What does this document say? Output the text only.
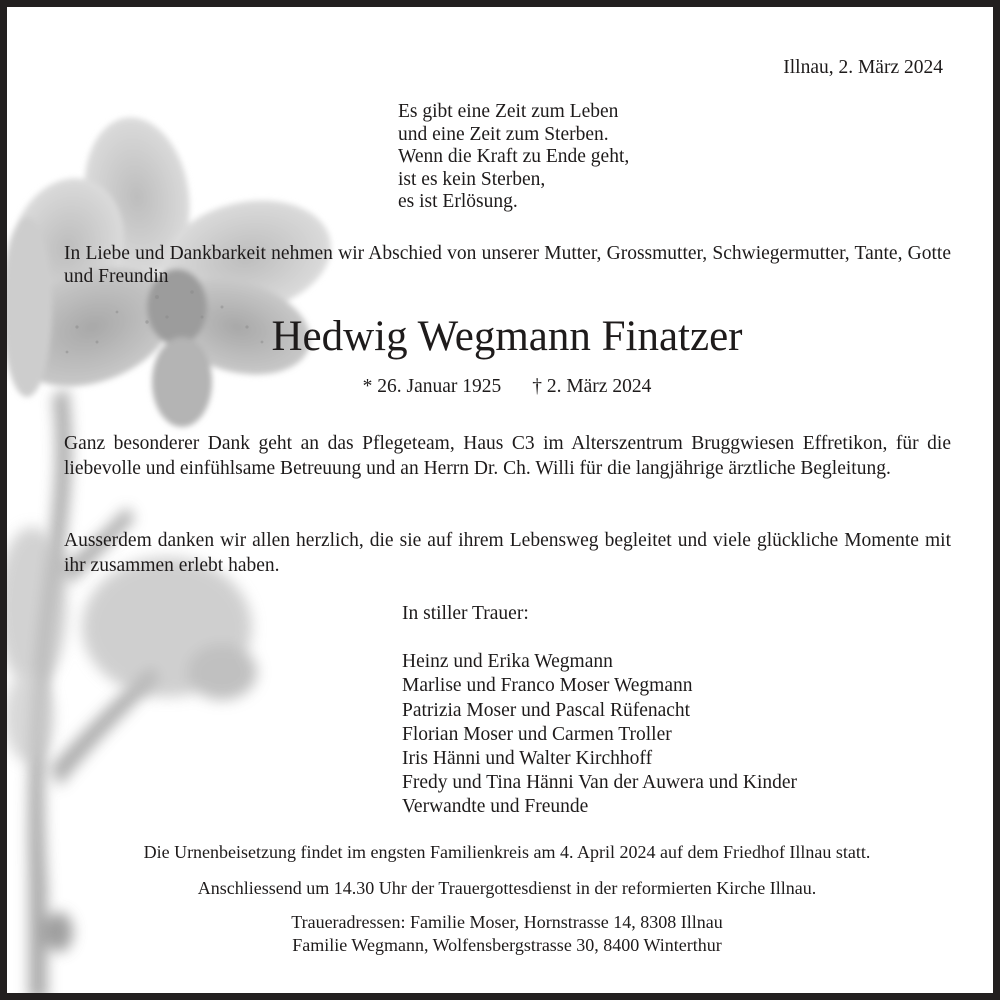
Illnau, 2. März 2024

Es gibt eine Zeit zum Leben
und eine Zeit zum Sterben.
Wenn die Kraft zu Ende geht,
ist es kein Sterben,
es ist Erlösung.

In Liebe und Dankbarkeit nehmen wir Abschied von unserer Mutter, Grossmutter, Schwiegermutter, Tante, Gotte und Freundin

Hedwig Wegmann Finatzer

* 26. Januar 1925 † 2. März 2024

Ganz besonderer Dank geht an das Pflegeteam, Haus C3 im Alterszentrum Bruggwiesen Effretikon, für die liebevolle und einfühlsame Betreuung und an Herrn Dr. Ch. Willi für die langjährige ärztliche Begleitung.

Ausserdem danken wir allen herzlich, die sie auf ihrem Lebensweg begleitet und viele glückliche Momente mit ihr zusammen erlebt haben.

In stiller Trauer:
Heinz und Erika Wegmann
Marlise und Franco Moser Wegmann
Patrizia Moser und Pascal Rüfenacht
Florian Moser und Carmen Troller
Iris Hänni und Walter Kirchhoff
Fredy und Tina Hänni Van der Auwera und Kinder
Verwandte und Freunde

Die Urnenbeisetzung findet im engsten Familienkreis am 4. April 2024 auf dem Friedhof Illnau statt.

Anschliessend um 14.30 Uhr der Trauergottesdienst in der reformierten Kirche Illnau.

Traueradressen: Familie Moser, Hornstrasse 14, 8308 Illnau
Familie Wegmann, Wolfensbergstrasse 30, 8400 Winterthur
